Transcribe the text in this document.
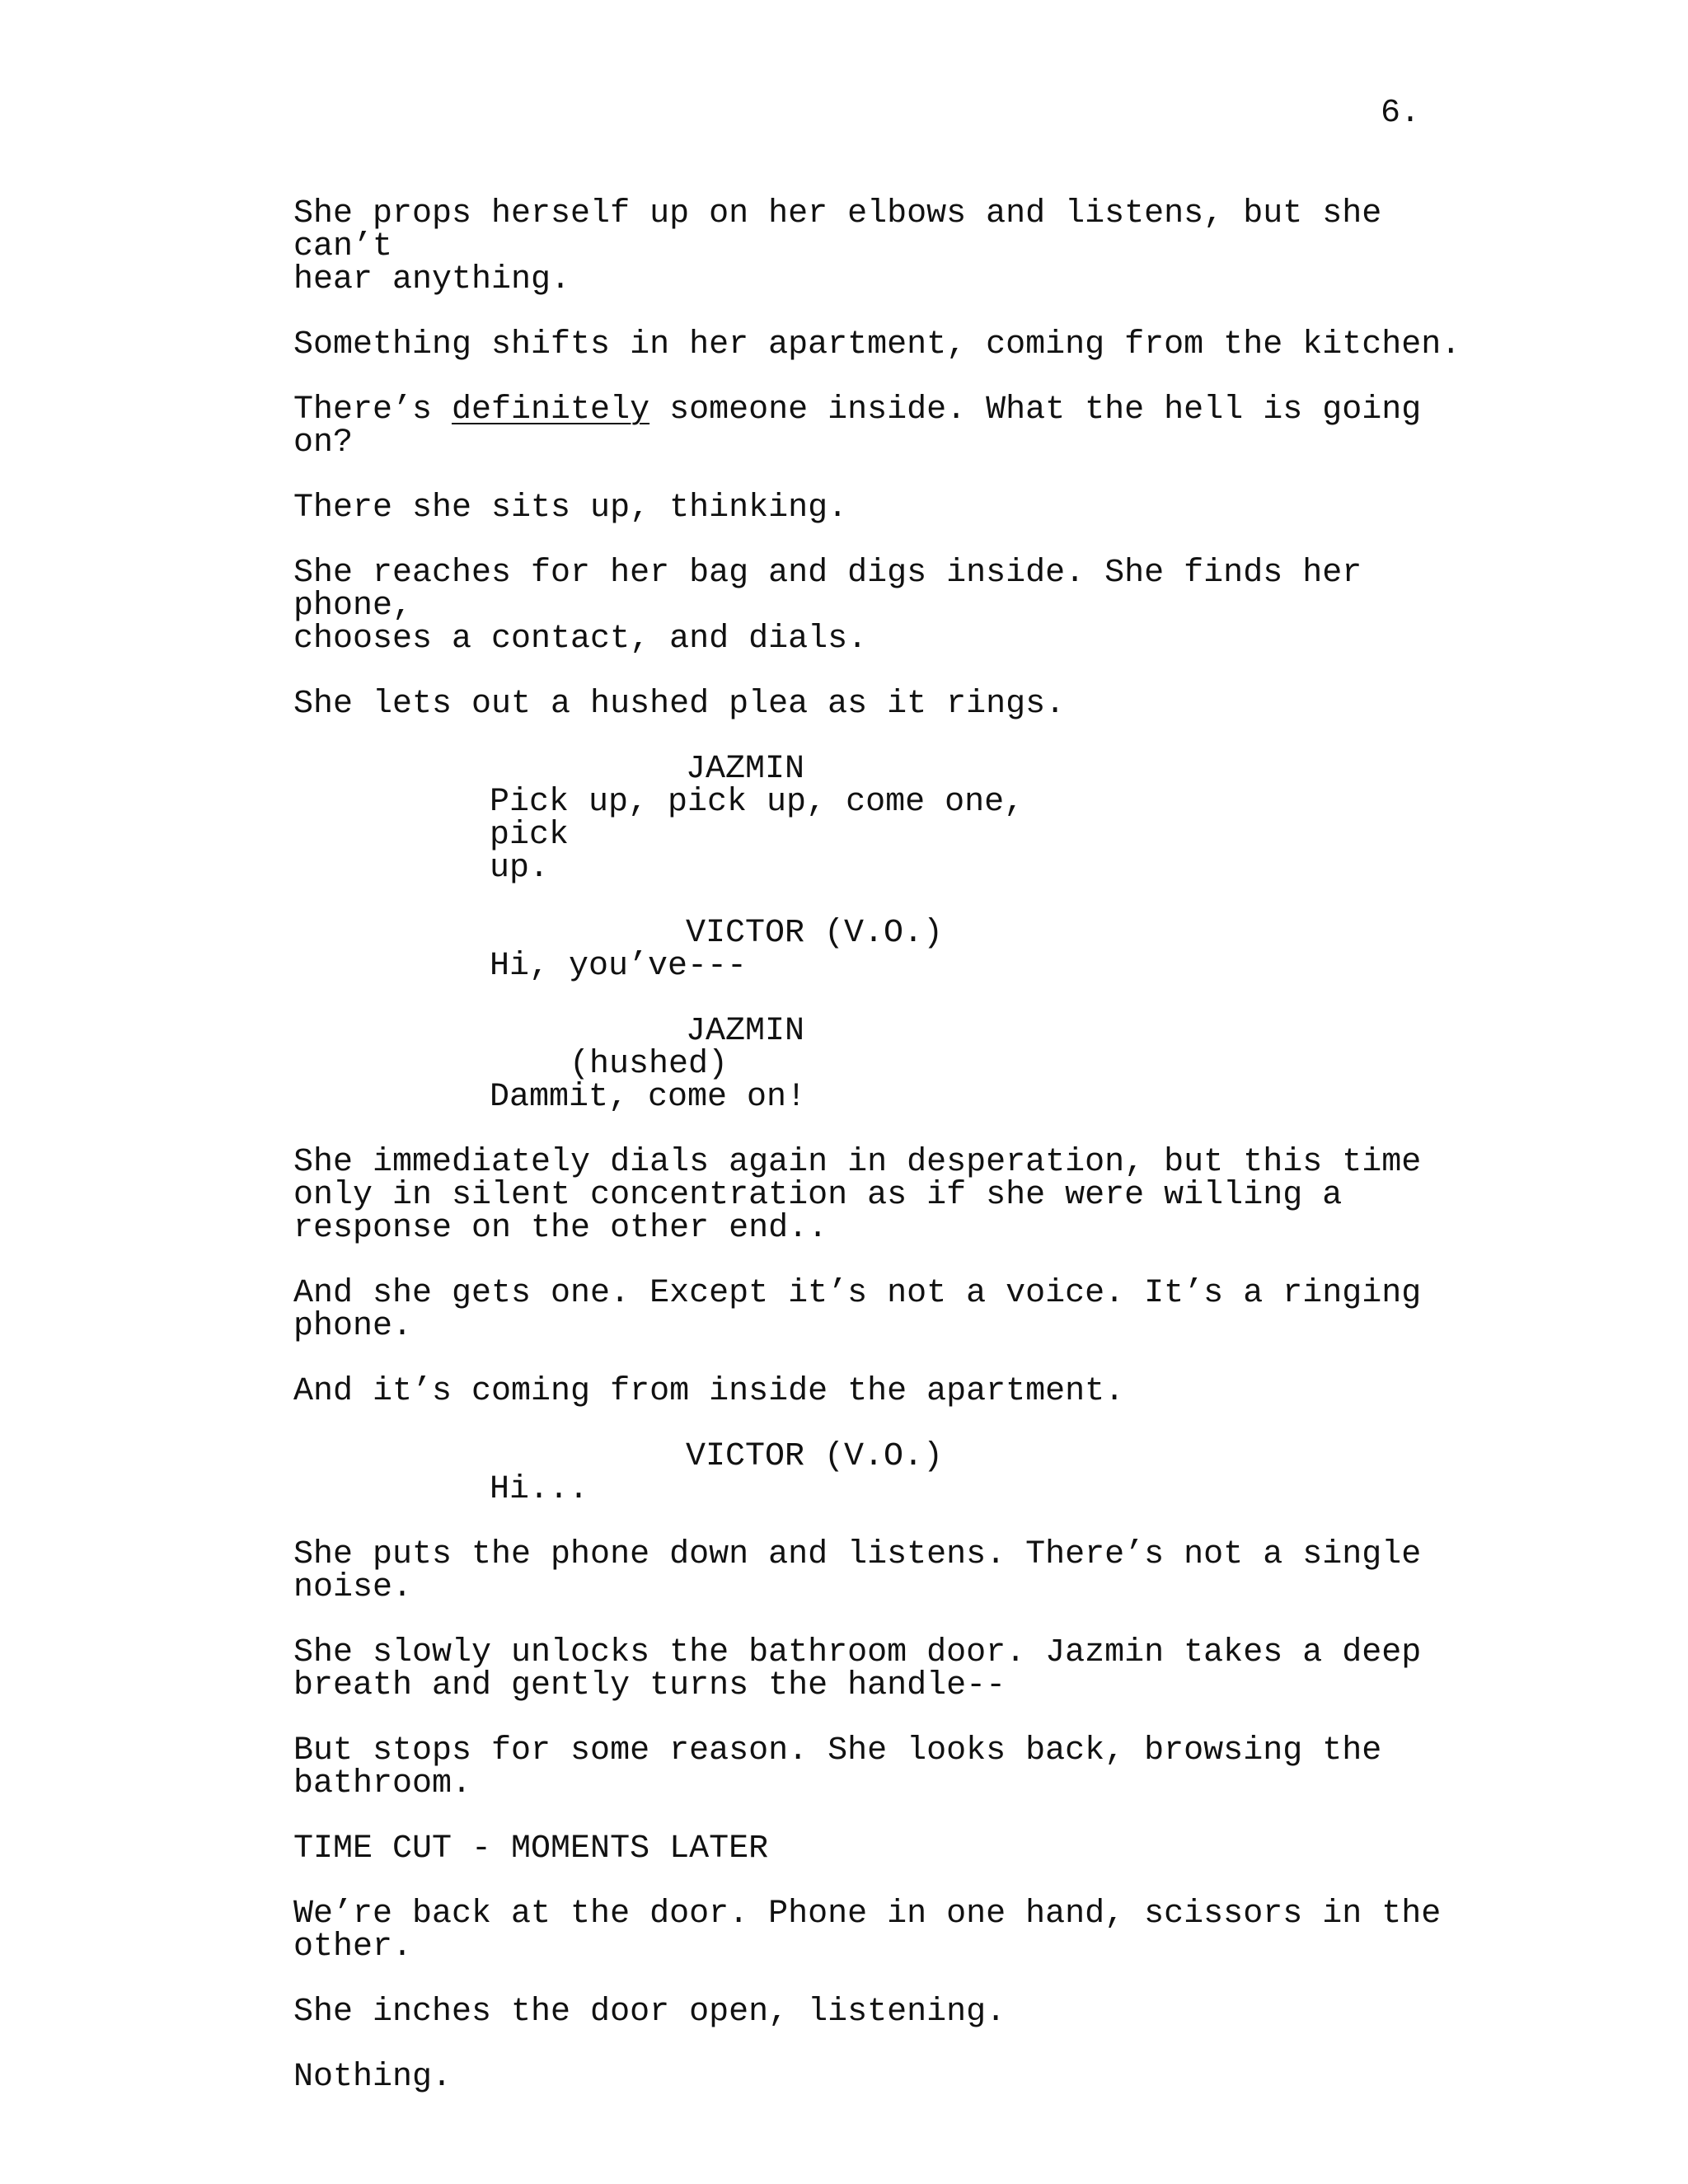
6.
She props herself up on her elbows and listens, but she can’t
hear anything.
Something shifts in her apartment, coming from the kitchen.
There’s definitely someone inside. What the hell is going on?
There she sits up, thinking.
She reaches for her bag and digs inside. She finds her phone,
chooses a contact, and dials.
She lets out a hushed plea as it rings.
JAZMIN
Pick up, pick up, come one, pick
up.
VICTOR (V.O.)
Hi, you’ve---
JAZMIN
(hushed)
Dammit, come on!
She immediately dials again in desperation, but this time
only in silent concentration as if she were willing a
response on the other end..
And she gets one. Except it’s not a voice. It’s a ringing
phone.
And it’s coming from inside the apartment.
VICTOR (V.O.)
Hi...
She puts the phone down and listens. There’s not a single
noise.
She slowly unlocks the bathroom door. Jazmin takes a deep
breath and gently turns the handle--
But stops for some reason. She looks back, browsing the
bathroom.
TIME CUT - MOMENTS LATER
We’re back at the door. Phone in one hand, scissors in the
other.
She inches the door open, listening.
Nothing.
